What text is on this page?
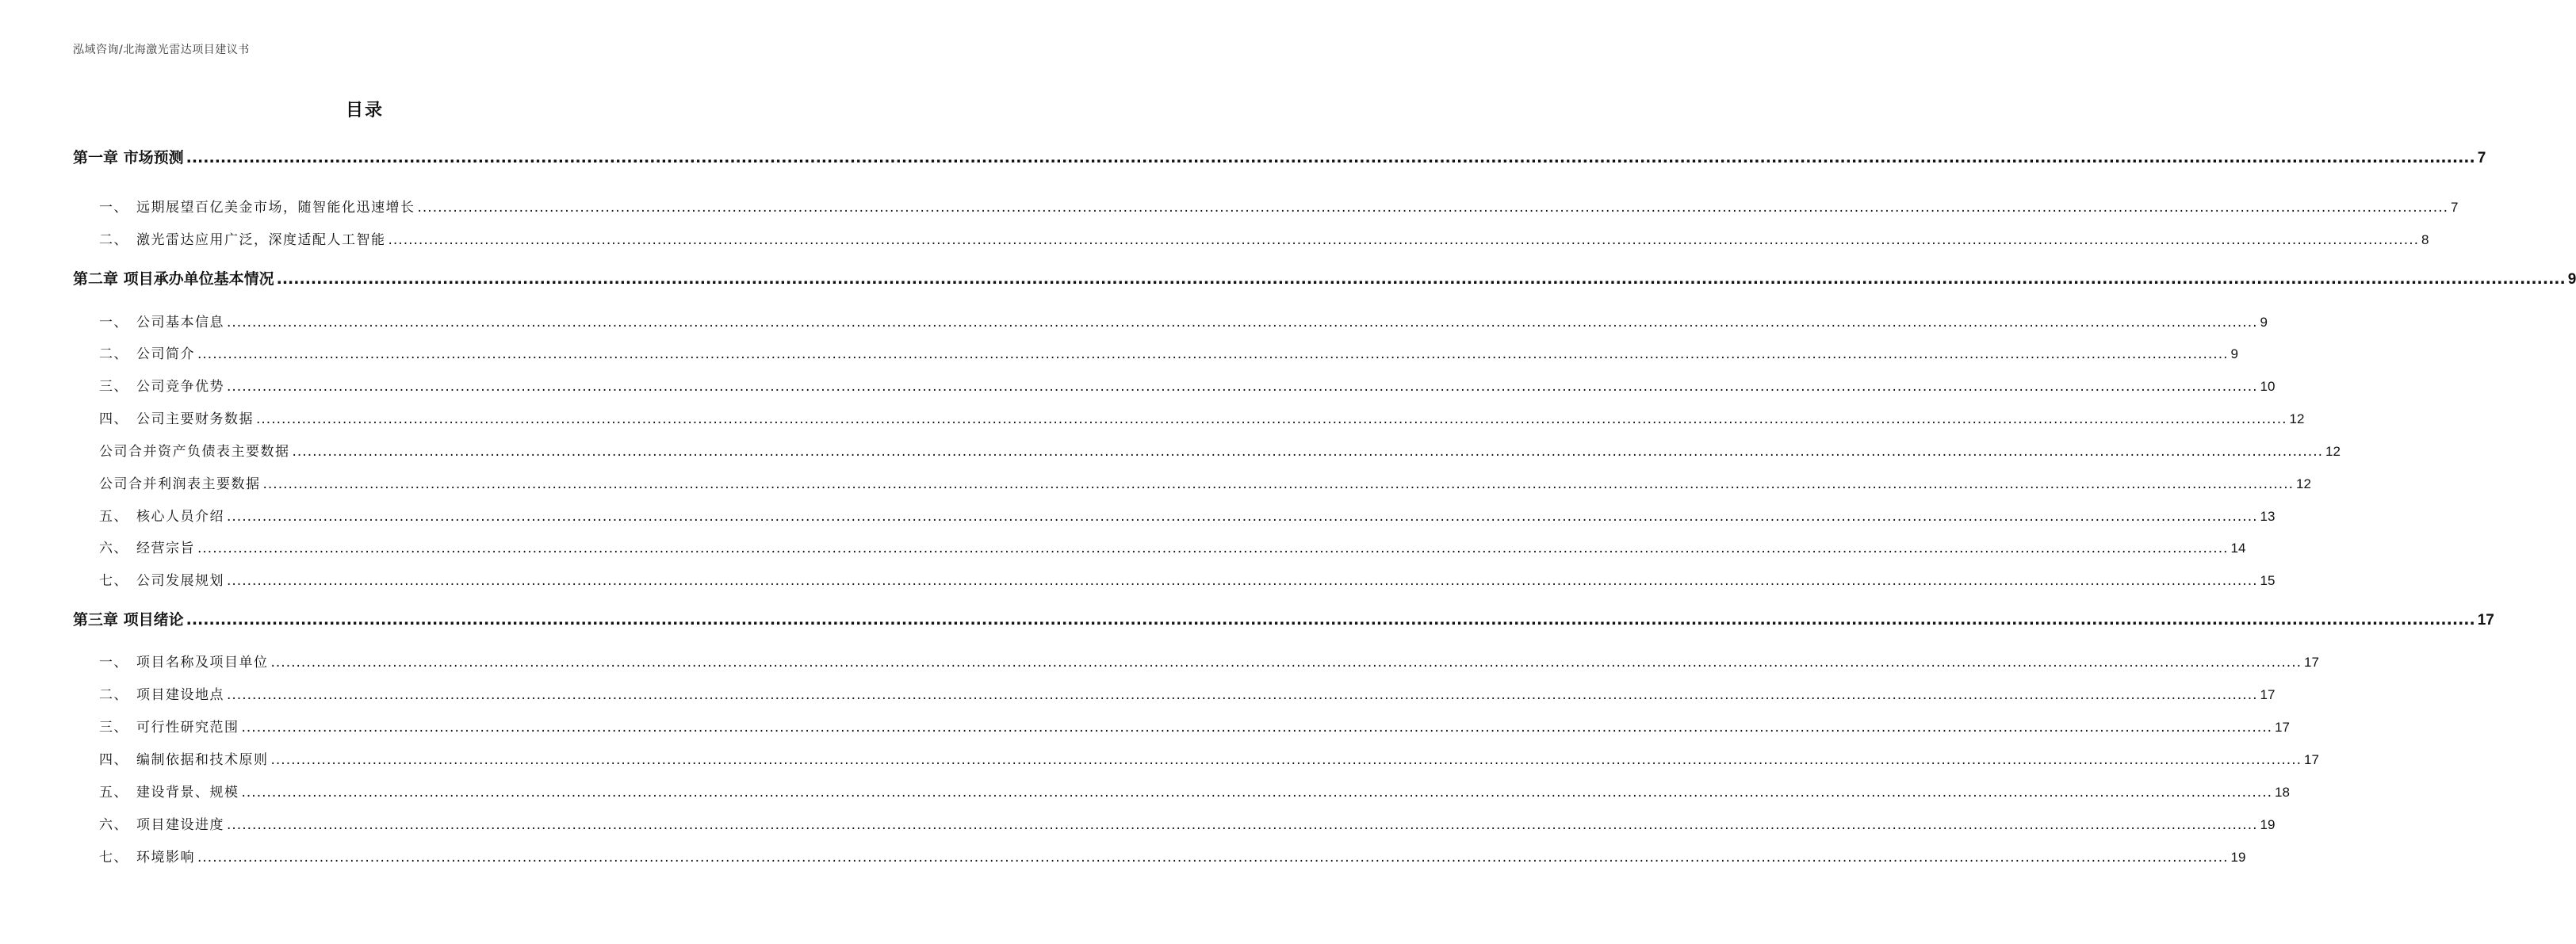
泓域咨询/北海激光雷达项目建议书
目录
第一章 市场预测 ................................................................................................................................................................................................................................................................................................................................................................................................................ 7
一、 远期展望百亿美金市场，随智能化迅速增长 ................................................................................................................................................................................................................................................................................................................................................................................................................ 7
二、 激光雷达应用广泛，深度适配人工智能 ................................................................................................................................................................................................................................................................................................................................................................................................................ 8
第二章 项目承办单位基本情况 ................................................................................................................................................................................................................................................................................................................................................................................................................ 9
一、 公司基本信息 ................................................................................................................................................................................................................................................................................................................................................................................................................ 9
二、 公司简介 ................................................................................................................................................................................................................................................................................................................................................................................................................ 9
三、 公司竞争优势 ................................................................................................................................................................................................................................................................................................................................................................................................................ 10
四、 公司主要财务数据 ................................................................................................................................................................................................................................................................................................................................................................................................................ 12
公司合并资产负债表主要数据 ................................................................................................................................................................................................................................................................................................................................................................................................................ 12
公司合并利润表主要数据 ................................................................................................................................................................................................................................................................................................................................................................................................................ 12
五、 核心人员介绍 ................................................................................................................................................................................................................................................................................................................................................................................................................ 13
六、 经营宗旨 ................................................................................................................................................................................................................................................................................................................................................................................................................ 14
七、 公司发展规划 ................................................................................................................................................................................................................................................................................................................................................................................................................ 15
第三章 项目绪论 ................................................................................................................................................................................................................................................................................................................................................................................................................ 17
一、 项目名称及项目单位 ................................................................................................................................................................................................................................................................................................................................................................................................................ 17
二、 项目建设地点 ................................................................................................................................................................................................................................................................................................................................................................................................................ 17
三、 可行性研究范围 ................................................................................................................................................................................................................................................................................................................................................................................................................ 17
四、 编制依据和技术原则 ................................................................................................................................................................................................................................................................................................................................................................................................................ 17
五、 建设背景、规模 ................................................................................................................................................................................................................................................................................................................................................................................................................ 18
六、 项目建设进度 ................................................................................................................................................................................................................................................................................................................................................................................................................ 19
七、 环境影响 ................................................................................................................................................................................................................................................................................................................................................................................................................ 19
